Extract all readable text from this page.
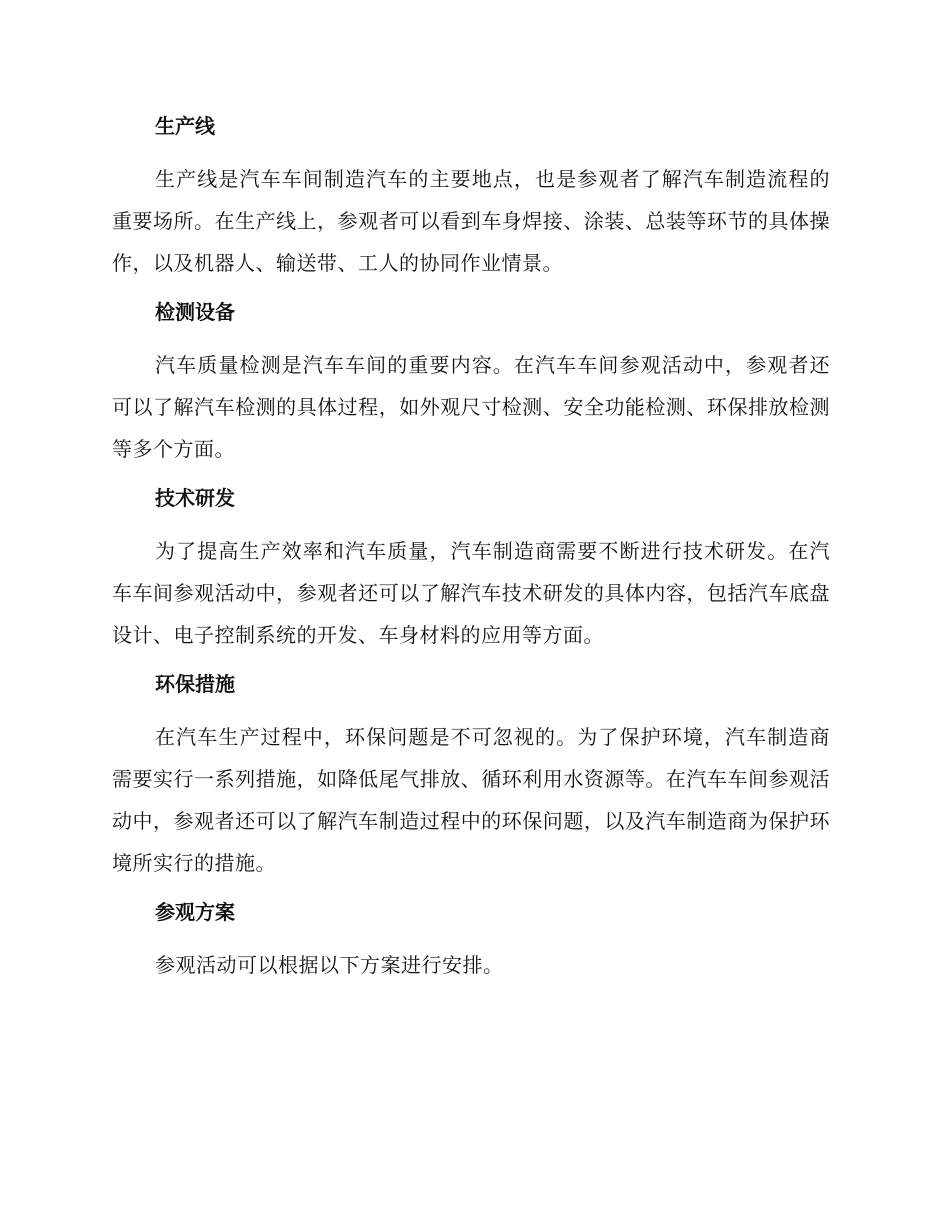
生产线

生产线是汽车车间制造汽车的主要地点，也是参观者了解汽车制造流程的重要场所。在生产线上，参观者可以看到车身焊接、涂装、总装等环节的具体操作，以及机器人、输送带、工人的协同作业情景。

检测设备

汽车质量检测是汽车车间的重要内容。在汽车车间参观活动中，参观者还可以了解汽车检测的具体过程，如外观尺寸检测、安全功能检测、环保排放检测等多个方面。

技术研发

为了提高生产效率和汽车质量，汽车制造商需要不断进行技术研发。在汽车车间参观活动中，参观者还可以了解汽车技术研发的具体内容，包括汽车底盘设计、电子控制系统的开发、车身材料的应用等方面。

环保措施

在汽车生产过程中，环保问题是不可忽视的。为了保护环境，汽车制造商需要实行一系列措施，如降低尾气排放、循环利用水资源等。在汽车车间参观活动中，参观者还可以了解汽车制造过程中的环保问题，以及汽车制造商为保护环境所实行的措施。

参观方案

参观活动可以根据以下方案进行安排。
